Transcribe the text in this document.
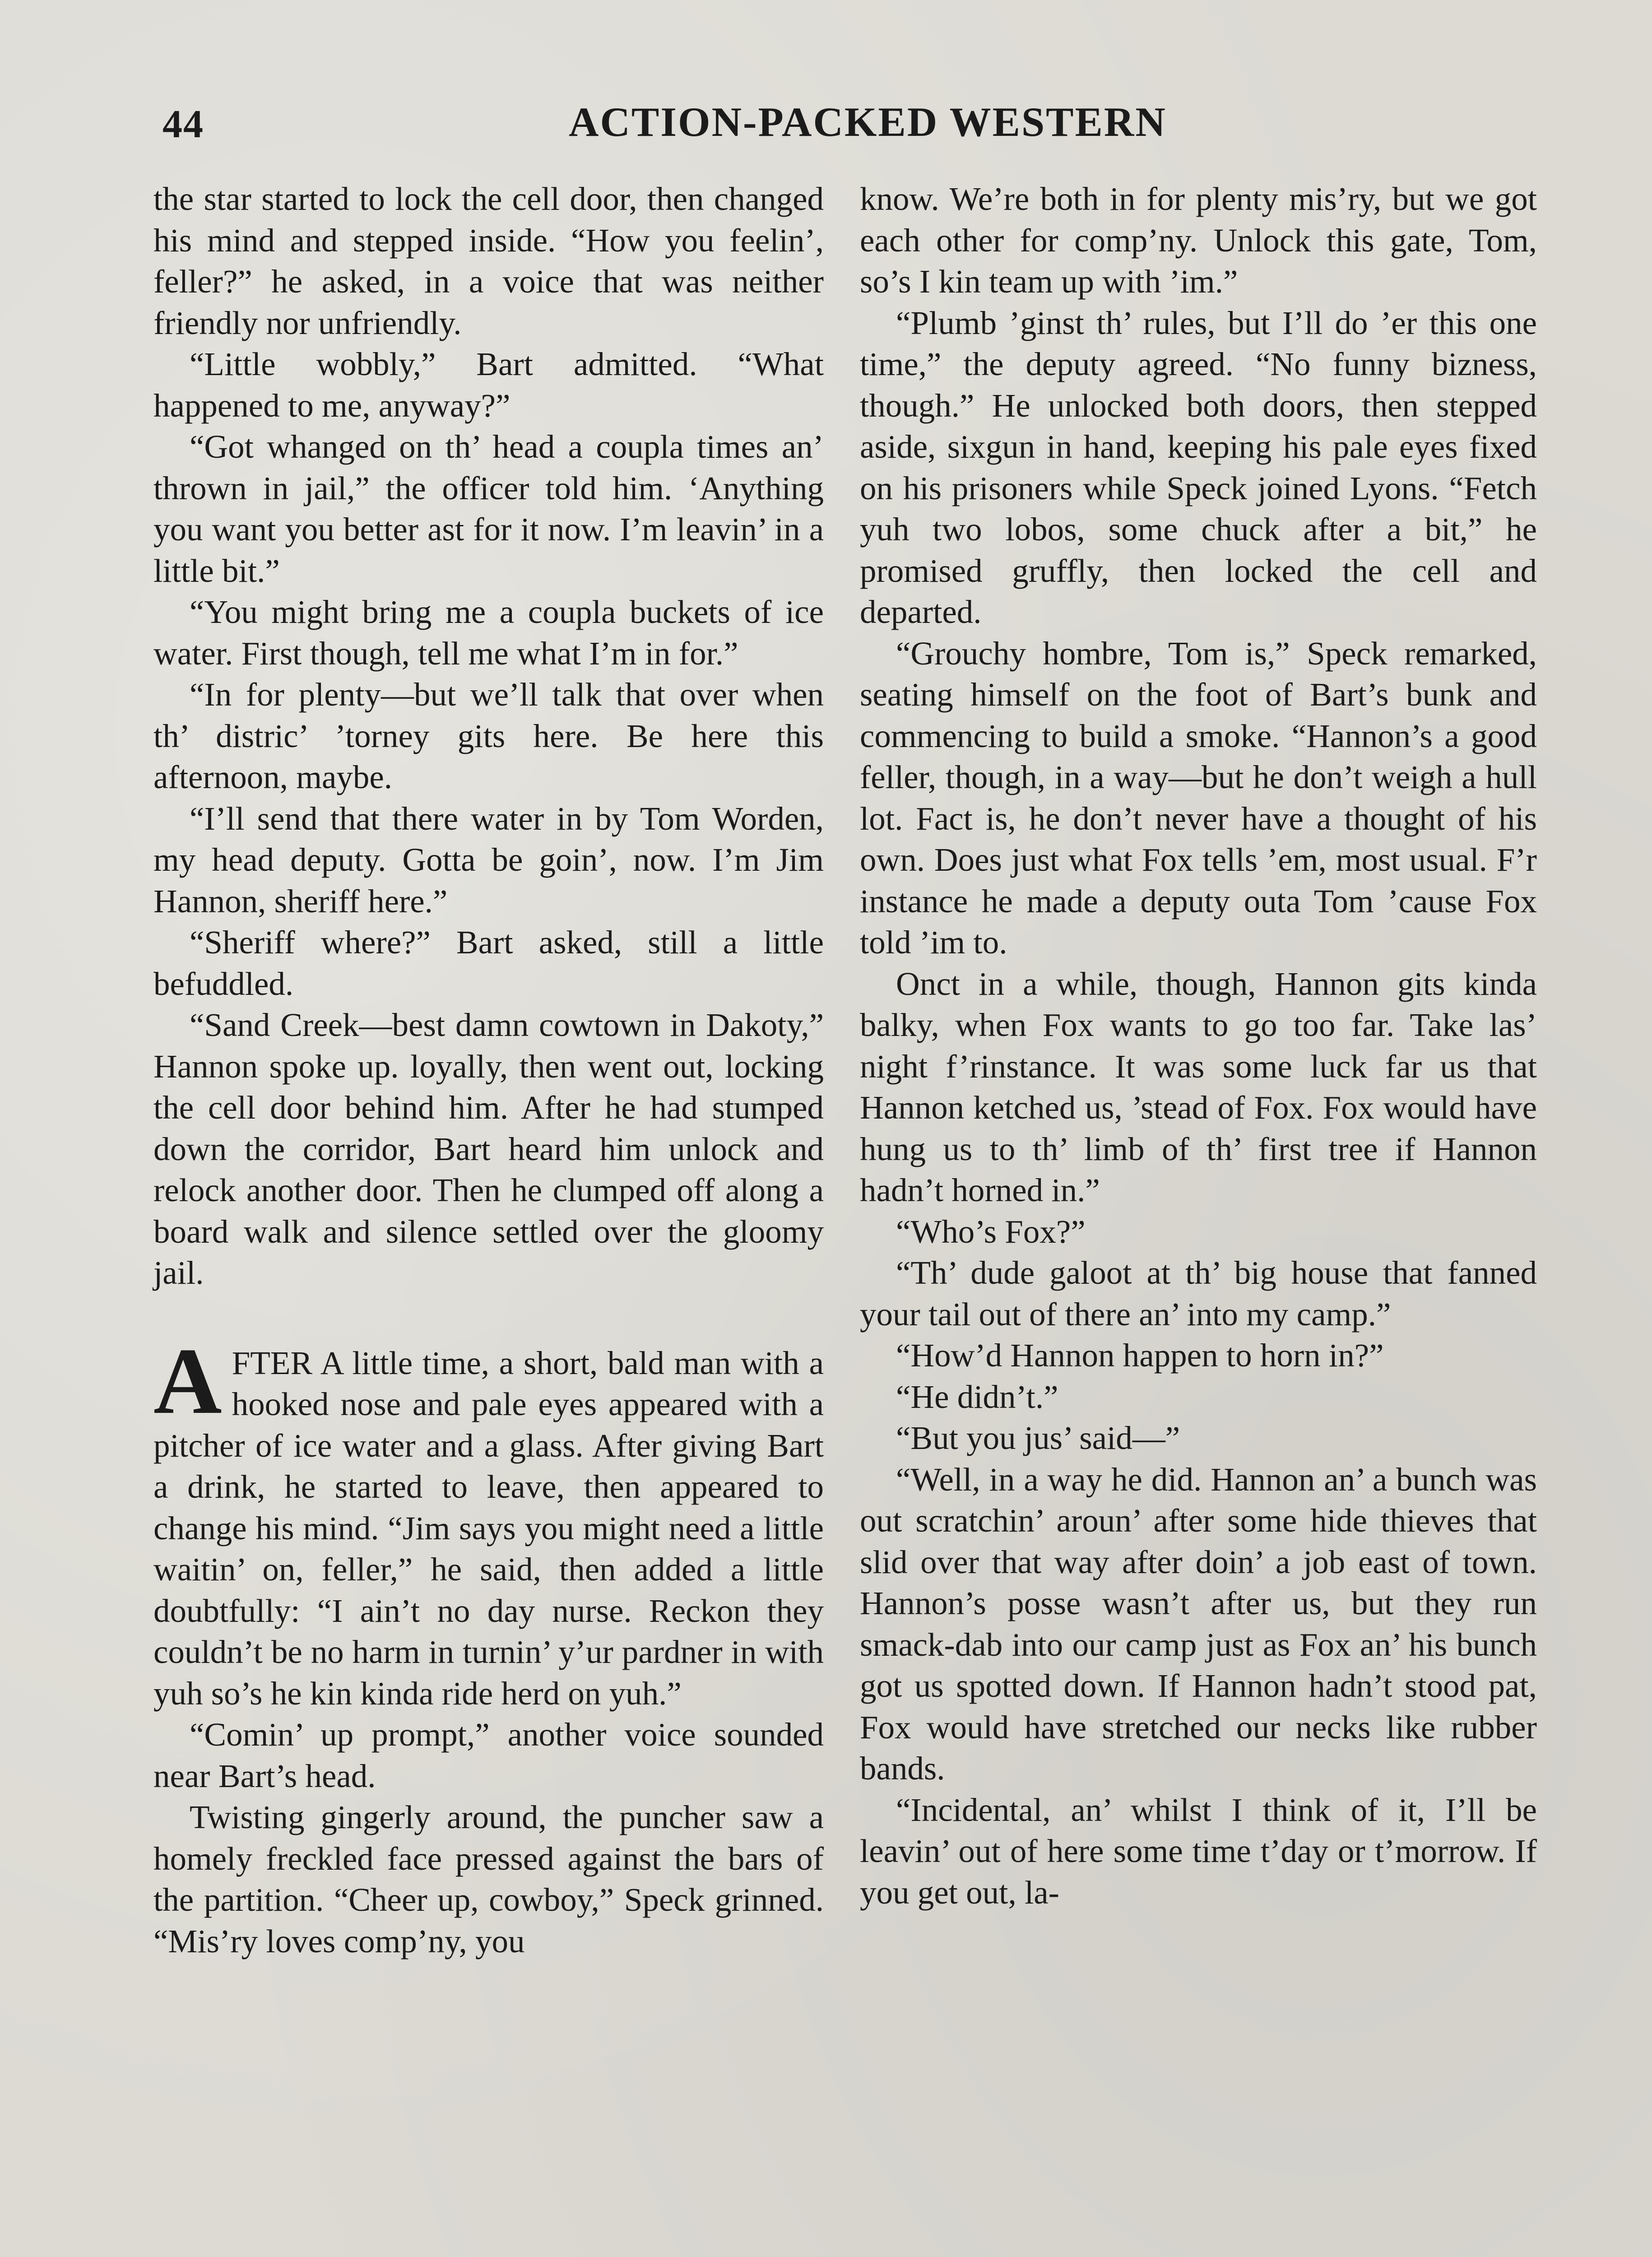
44	ACTION-PACKED WESTERN

the star started to lock the cell door, then changed his mind and stepped inside. “How you feelin’, feller?” he asked, in a voice that was neither friendly nor unfriendly.

“Little wobbly,” Bart admitted. “What happened to me, anyway?”

“Got whanged on th’ head a coupla times an’ thrown in jail,” the officer told him. ‘Anything you want you better ast for it now. I’m leavin’ in a little bit.”

“You might bring me a coupla buckets of ice water. First though, tell me what I’m in for.”

“In for plenty—but we’ll talk that over when th’ distric’ ’torney gits here. Be here this afternoon, maybe.

“I’ll send that there water in by Tom Worden, my head deputy. Gotta be goin’, now. I’m Jim Hannon, sheriff here.”

“Sheriff where?” Bart asked, still a little befuddled.

“Sand Creek—best damn cowtown in Dakoty,” Hannon spoke up. loyally, then went out, locking the cell door behind him. After he had stumped down the corridor, Bart heard him unlock and relock another door. Then he clumped off along a board walk and silence settled over the gloomy jail.

AFTER A little time, a short, bald man with a hooked nose and pale eyes appeared with a pitcher of ice water and a glass. After giving Bart a drink, he started to leave, then appeared to change his mind. “Jim says you might need a little waitin’ on, feller,” he said, then added a little doubtfully: “I ain’t no day nurse. Reckon they couldn’t be no harm in turnin’ y’ur pardner in with yuh so’s he kin kinda ride herd on yuh.”

“Comin’ up prompt,” another voice sounded near Bart’s head.

Twisting gingerly around, the puncher saw a homely freckled face pressed against the bars of the partition. “Cheer up, cowboy,” Speck grinned. “Mis’ry loves comp’ny, you

know. We’re both in for plenty mis’ry, but we got each other for comp’ny. Unlock this gate, Tom, so’s I kin team up with ’im.”

“Plumb ’ginst th’ rules, but I’ll do ’er this one time,” the deputy agreed. “No funny bizness, though.” He unlocked both doors, then stepped aside, sixgun in hand, keeping his pale eyes fixed on his prisoners while Speck joined Lyons. “Fetch yuh two lobos, some chuck after a bit,” he promised gruffly, then locked the cell and departed.

“Grouchy hombre, Tom is,” Speck remarked, seating himself on the foot of Bart’s bunk and commencing to build a smoke. “Hannon’s a good feller, though, in a way—but he don’t weigh a hull lot. Fact is, he don’t never have a thought of his own. Does just what Fox tells ’em, most usual. F’r instance he made a deputy outa Tom ’cause Fox told ’im to.

Onct in a while, though, Hannon gits kinda balky, when Fox wants to go too far. Take las’ night f’rinstance. It was some luck far us that Hannon ketched us, ’stead of Fox. Fox would have hung us to th’ limb of th’ first tree if Hannon hadn’t horned in.”

“Who’s Fox?”

“Th’ dude galoot at th’ big house that fanned your tail out of there an’ into my camp.”

“How’d Hannon happen to horn in?”

“He didn’t.”

“But you jus’ said—”

“Well, in a way he did. Hannon an’ a bunch was out scratchin’ aroun’ after some hide thieves that slid over that way after doin’ a job east of town. Hannon’s posse wasn’t after us, but they run smack-dab into our camp just as Fox an’ his bunch got us spotted down. If Hannon hadn’t stood pat, Fox would have stretched our necks like rubber bands.

“Incidental, an’ whilst I think of it, I’ll be leavin’ out of here some time t’day or t’morrow. If you get out, la-
